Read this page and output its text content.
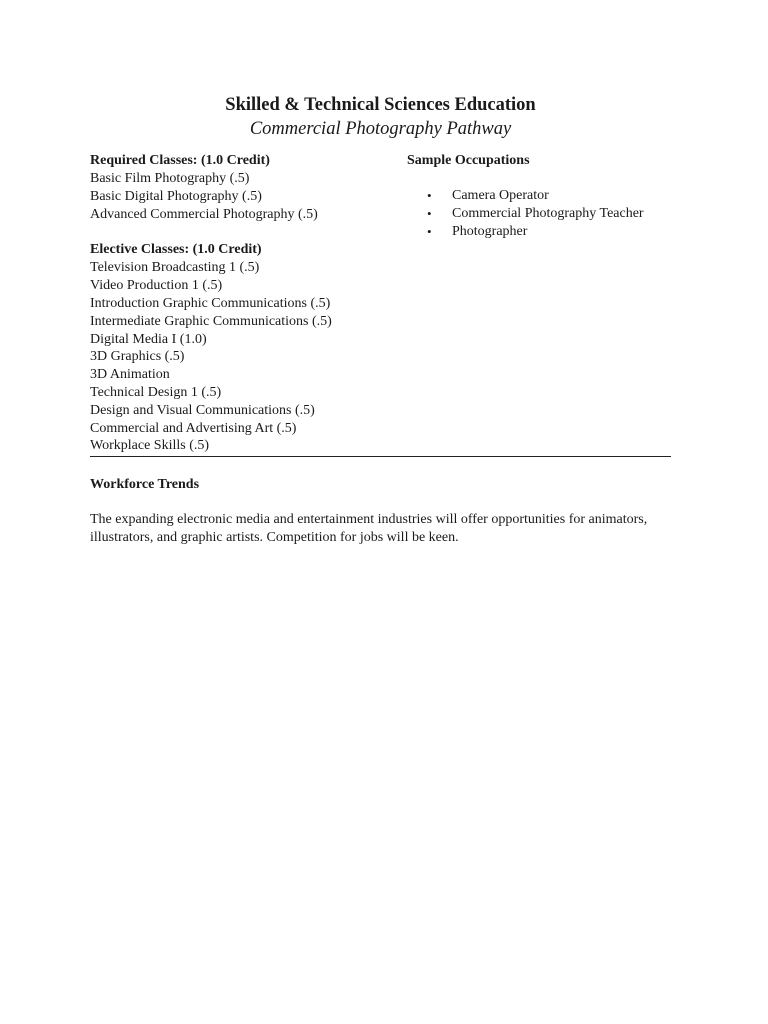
Skilled & Technical Sciences Education

Commercial Photography Pathway

Required Classes: (1.0 Credit)

Basic Film Photography (.5)

Basic Digital Photography (.5)

Advanced Commercial Photography (.5)

Elective Classes: (1.0 Credit)

Television Broadcasting 1 (.5)

Video Production 1 (.5)

Introduction Graphic Communications (.5)

Intermediate Graphic Communications (.5)

Digital Media I (1.0)

3D Graphics (.5)

3D Animation

Technical Design 1 (.5)

Design and Visual Communications (.5)

Commercial and Advertising Art (.5)

Workplace Skills (.5)

Sample Occupations

• Camera Operator
• Commercial Photography Teacher
• Photographer

Workforce Trends

The expanding electronic media and entertainment industries will offer opportunities for animators, illustrators, and graphic artists. Competition for jobs will be keen.
